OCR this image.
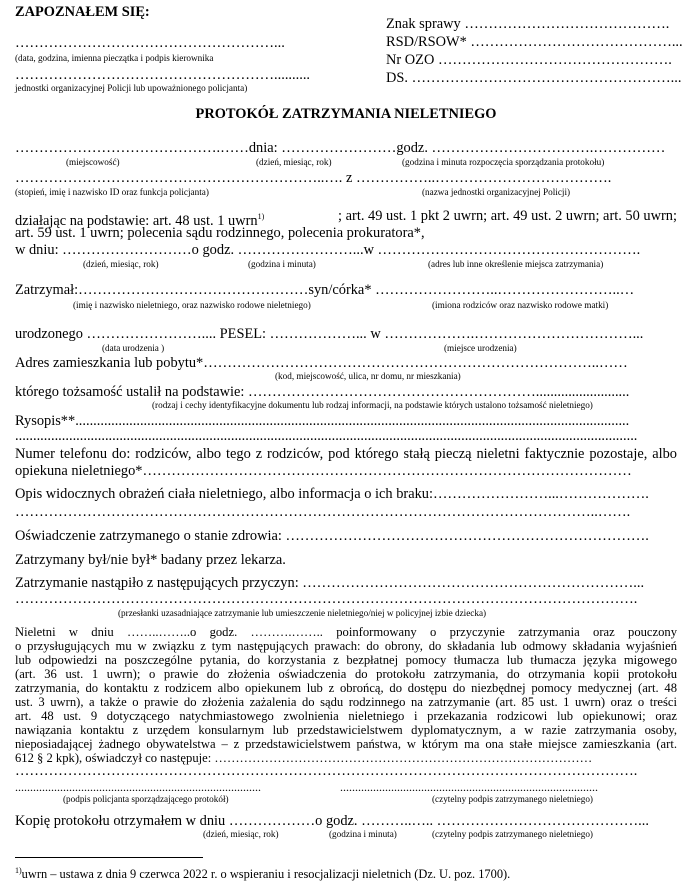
ZAPOZNAŁEM SIĘ:
………………………………………………...
(data, godzina, imienna pieczątka i podpis kierownika
………………………………………………..........
jednostki organizacyjnej Policji lub upoważnionego policjanta)
Znak sprawy …………………………………….
RSD/RSOW* ……………………………………...
Nr OZO ………………………………………….
DS. ………………………………………………...
PROTOKÓŁ ZATRZYMANIA NIELETNIEGO
…………………………………….……dnia: ……………………godz. …………………………….……………
(miejscowość)	(dzień, miesiąc, rok)	(godzina i minuta rozpoczęcia sporządzania protokołu)
………………………………………………………..…. z ……………..……………………………….
(stopień, imię i nazwisko ID oraz funkcja policjanta)	(nazwa jednostki organizacyjnej Policji)
działając na podstawie: art. 48 ust. 1 uwrn$^{1)}$	; art. 49 ust. 1 pkt 2 uwrn; art. 49 ust. 2 uwrn; art. 50 uwrn;
art. 59 ust. 1 uwrn; polecenia sądu rodzinnego, polecenia prokuratora*,
w dniu: ………………………o godz. ……………………...w ……………………………………………….
(dzień, miesiąc, rok)	(godzina i minuta)	(adres lub inne określenie miejsca zatrzymania)
Zatrzymał:…………………………………………syn/córka* ……………………..……………………..…
(imię i nazwisko nieletniego, oraz nazwisko rodowe nieletniego)	(imiona rodziców oraz nazwisko rodowe matki)
urodzonego …………………….... PESEL: ………………... w ……………….……………………………...
(data urodzenia )	(miejsce urodzenia)
Adres zamieszkania lub pobytu*………………………………………………………………………..……
(kod, miejscowość, ulica, nr domu, nr mieszkania)
którego tożsamość ustalił na podstawie: ……………………………………………………..........................
(rodzaj i cechy identyfikacyjne dokumentu lub rodzaj informacji, na podstawie których ustalono tożsamość nieletniego)
Rysopis**..........................................................................................................................................................
.............................................................................................................................................................................
Numer telefonu do: rodziców, albo tego z rodziców, pod którego stałą pieczą nieletni faktycznie pozostaje, albo
opiekuna nieletniego*…………………………………………………………………………………………
Opis widocznych obrażeń ciała nieletniego, albo informacja o ich braku:……………………...……………….
…………………………………………………………………………………………………………..…….
Oświadczenie zatrzymanego o stanie zdrowia: ………………………………………………………………….
Zatrzymany był/nie był* badany przez lekarza.
Zatrzymanie nastąpiło z następujących przyczyn: ……………………………………………………………...
………………………………………………………………………………………………………………….
(przesłanki uzasadniające zatrzymanie lub umieszczenie nieletniego/niej w policyjnej izbie dziecka)
Nieletni w dniu ……..……..o godz. ……….…….. poinformowany o przyczynie zatrzymania oraz pouczony
o przysługujących mu w związku z tym następujących prawach: do obrony, do składania lub odmowy składania wyjaśnień
lub odpowiedzi na poszczególne pytania, do korzystania z bezpłatnej pomocy tłumacza lub tłumacza języka migowego
(art. 36 ust. 1 uwrn); o prawie do złożenia oświadczenia do protokołu zatrzymania, do otrzymania kopii protokołu
zatrzymania, do kontaktu z rodzicem albo opiekunem lub z obrońcą, do dostępu do niezbędnej pomocy medycznej (art. 48
ust. 3 uwrn), a także o prawie do złożenia zażalenia do sądu rodzinnego na zatrzymanie (art. 85 ust. 1 uwrn) oraz o treści
art. 48 ust. 9 dotyczącego natychmiastowego zwolnienia nieletniego i przekazania rodzicowi lub opiekunowi; oraz
nawiązania kontaktu z urzędem konsularnym lub przedstawicielstwem dyplomatycznym, a w razie zatrzymania osoby,
nieposiadającej żadnego obywatelstwa – z przedstawicielstwem państwa, w którym ma ona stałe miejsce zamieszkania (art.
612 § 2 kpk), oświadczył co następuje: ………………………………………………………………………………
………………………………………………………………………………………………………………….
..................................................................................	......................................................................................
(podpis policjanta sporządzającego protokół)	(czytelny podpis zatrzymanego nieletniego)
Kopię protokołu otrzymałem w dniu ………………o godz. ………..….. ……………………………………...
(dzień, miesiąc, rok)	(godzina i minuta)	(czytelny podpis zatrzymanego nieletniego)
$^{1)}$uwrn – ustawa z dnia 9 czerwca 2022 r. o wspieraniu i resocjalizacji nieletnich (Dz. U. poz. 1700).
